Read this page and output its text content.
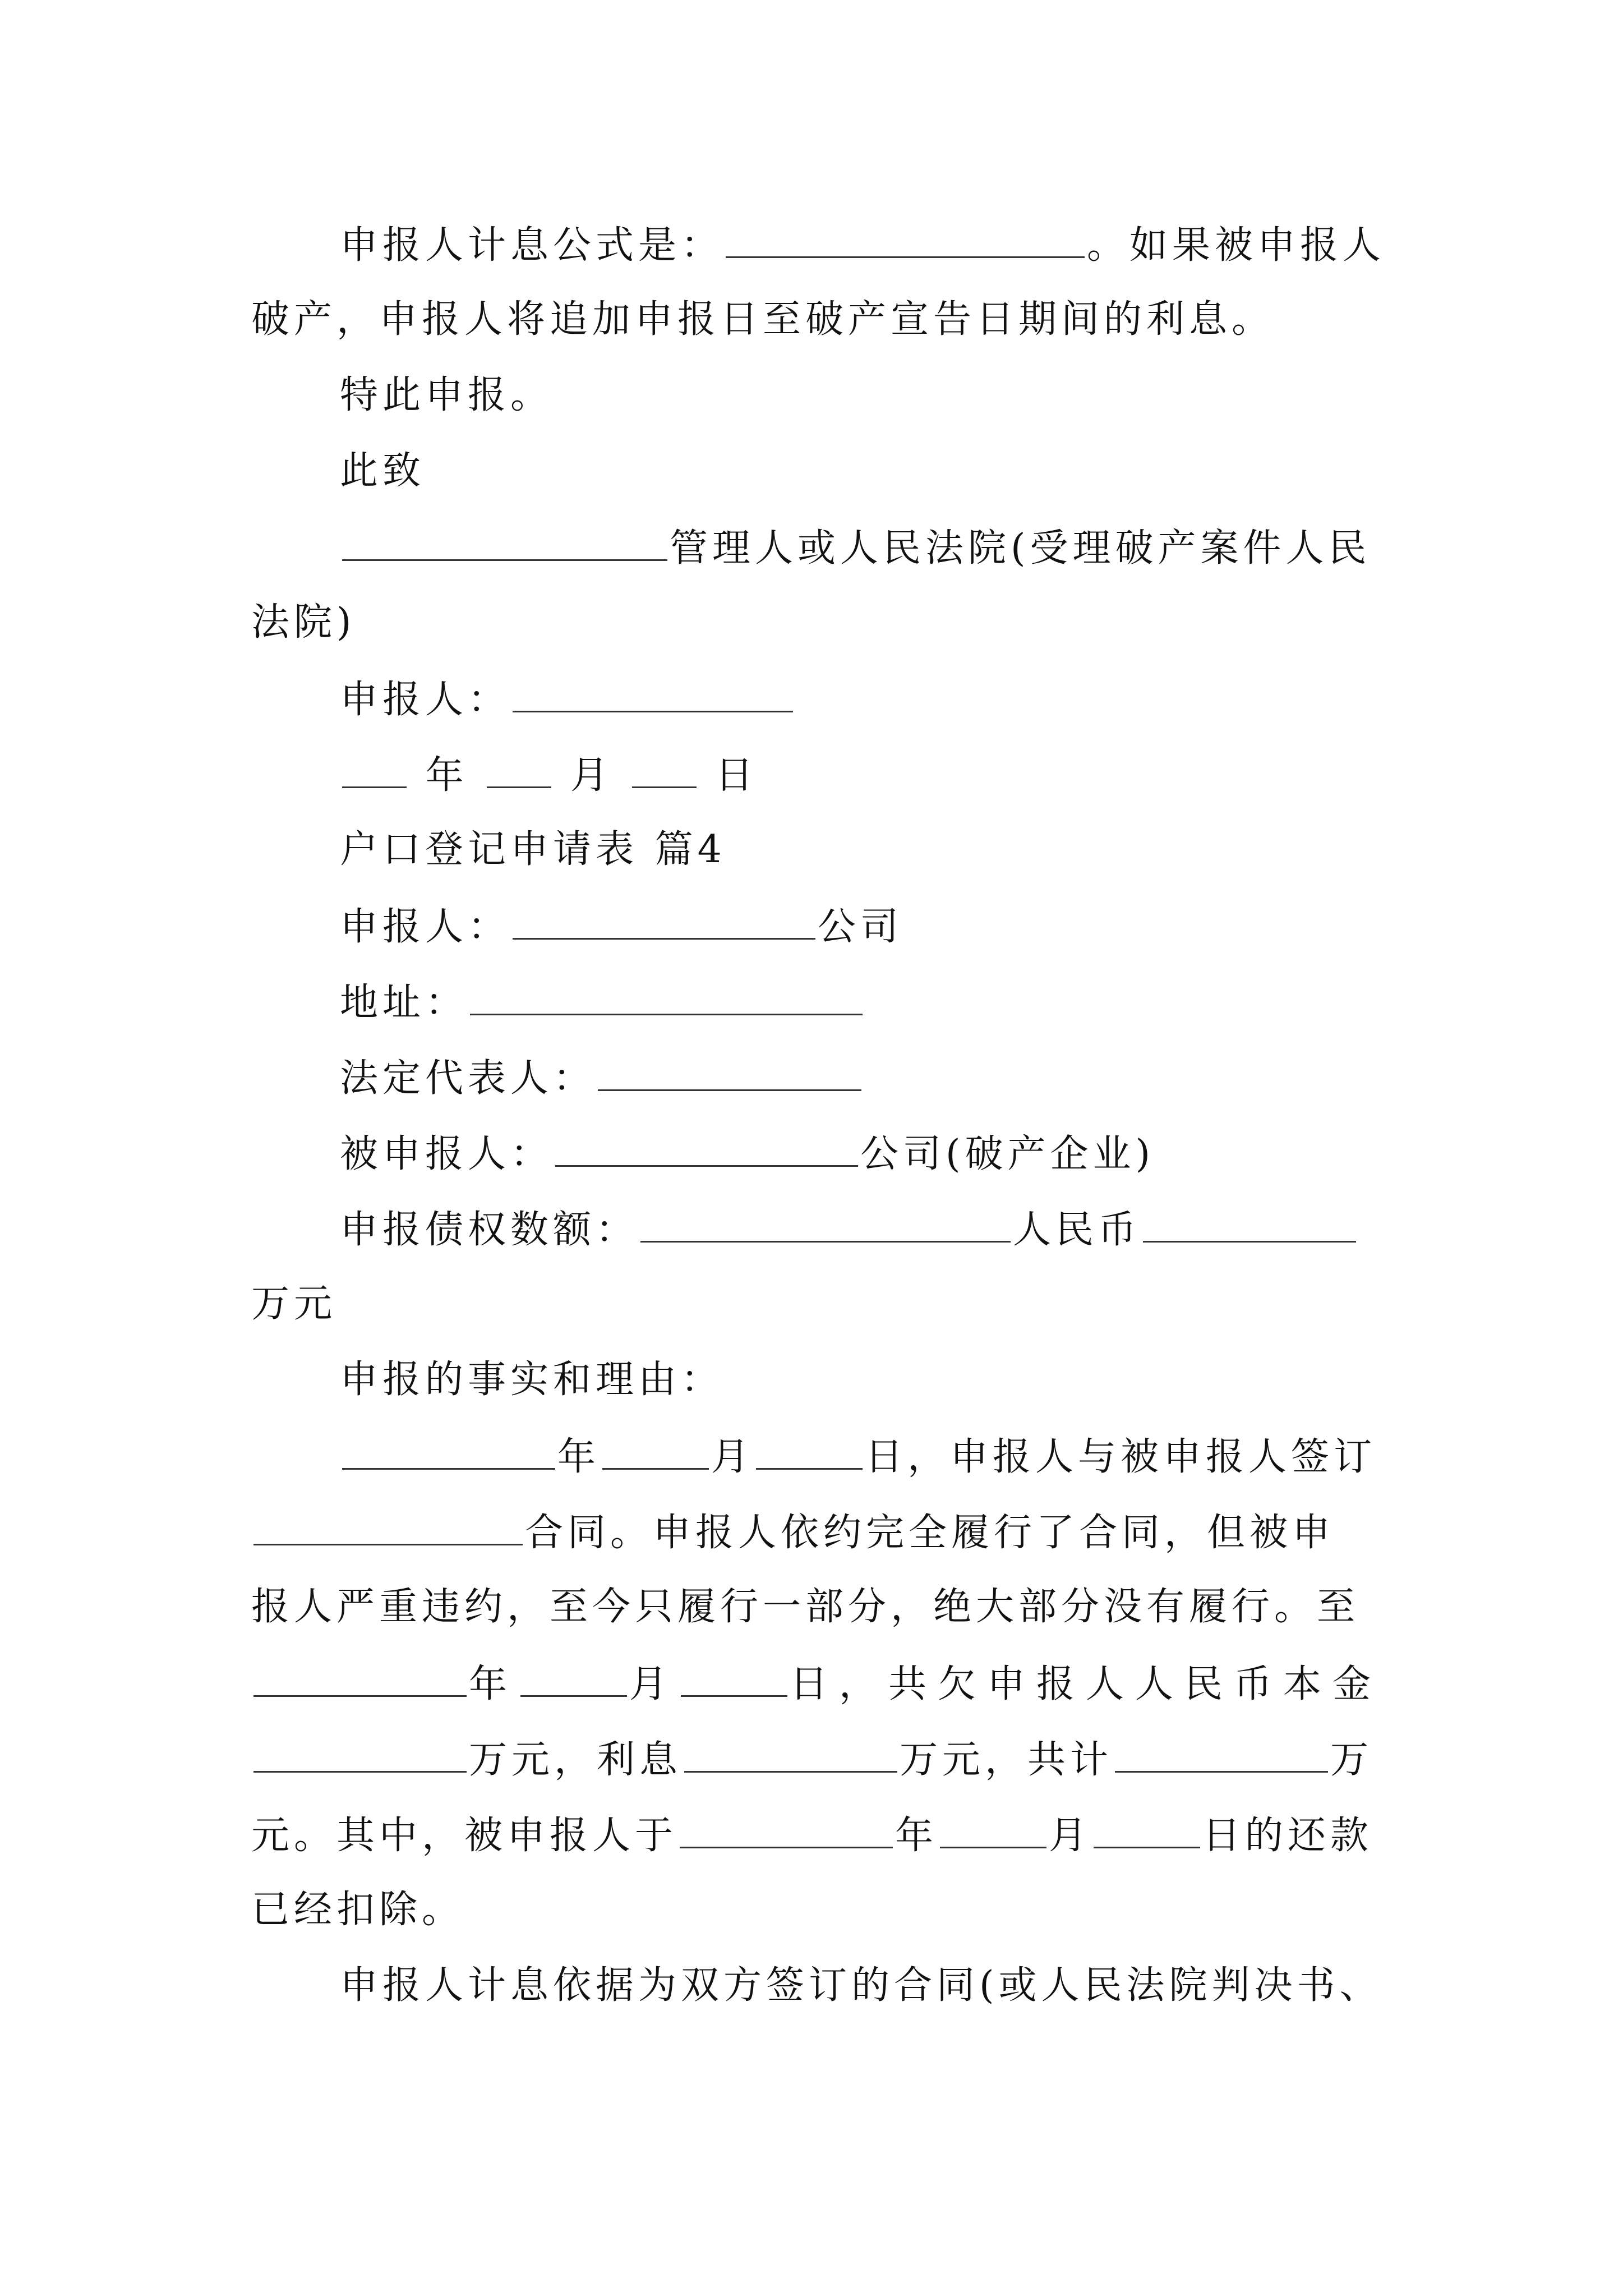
申报人计息公式是：	。如果被申报人
破产，申报人将追加申报日至破产宣告日期间的利息。
特此申报。
此致
管理人或人民法院(受理破产案件人民
法院)
申报人：
年	月	日
户口登记申请表 篇4
申报人：	公司
地址：
法定代表人：
被申报人：	公司(破产企业)
申报债权数额：	人民币
万元
申报的事实和理由：
年	月	日，申报人与被申报人签订
合同。申报人依约完全履行了合同，但被申
报人严重违约，至今只履行一部分，绝大部分没有履行。至
年	月	日，共欠申报人人民币本金
万元，利息	万元，共计	万
元。其中，被申报人于	年	月	日的还款
已经扣除。
申报人计息依据为双方签订的合同(或人民法院判决书、
